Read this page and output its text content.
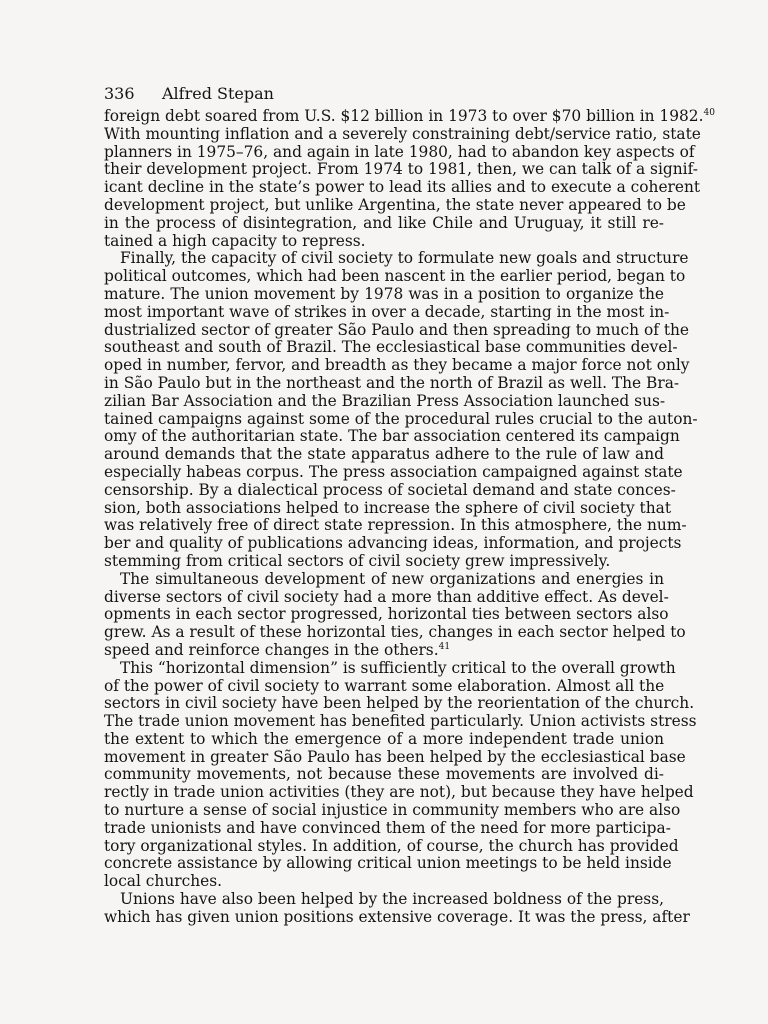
336 Alfred Stepan
foreign debt soared from U.S. $12 billion in 1973 to over $70 billion in 1982.40
With mounting inflation and a severely constraining debt/service ratio, state
planners in 1975–76, and again in late 1980, had to abandon key aspects of
their development project. From 1974 to 1981, then, we can talk of a signif-
icant decline in the state’s power to lead its allies and to execute a coherent
development project, but unlike Argentina, the state never appeared to be
in the process of disintegration, and like Chile and Uruguay, it still re-
tained a high capacity to repress.
Finally, the capacity of civil society to formulate new goals and structure
political outcomes, which had been nascent in the earlier period, began to
mature. The union movement by 1978 was in a position to organize the
most important wave of strikes in over a decade, starting in the most in-
dustrialized sector of greater São Paulo and then spreading to much of the
southeast and south of Brazil. The ecclesiastical base communities devel-
oped in number, fervor, and breadth as they became a major force not only
in São Paulo but in the northeast and the north of Brazil as well. The Bra-
zilian Bar Association and the Brazilian Press Association launched sus-
tained campaigns against some of the procedural rules crucial to the auton-
omy of the authoritarian state. The bar association centered its campaign
around demands that the state apparatus adhere to the rule of law and
especially habeas corpus. The press association campaigned against state
censorship. By a dialectical process of societal demand and state conces-
sion, both associations helped to increase the sphere of civil society that
was relatively free of direct state repression. In this atmosphere, the num-
ber and quality of publications advancing ideas, information, and projects
stemming from critical sectors of civil society grew impressively.
The simultaneous development of new organizations and energies in
diverse sectors of civil society had a more than additive effect. As devel-
opments in each sector progressed, horizontal ties between sectors also
grew. As a result of these horizontal ties, changes in each sector helped to
speed and reinforce changes in the others.$^{41}$
This “horizontal dimension” is sufficiently critical to the overall growth
of the power of civil society to warrant some elaboration. Almost all the
sectors in civil society have been helped by the reorientation of the church.
The trade union movement has benefited particularly. Union activists stress
the extent to which the emergence of a more independent trade union
movement in greater São Paulo has been helped by the ecclesiastical base
community movements, not because these movements are involved di-
rectly in trade union activities (they are not), but because they have helped
to nurture a sense of social injustice in community members who are also
trade unionists and have convinced them of the need for more participa-
tory organizational styles. In addition, of course, the church has provided
concrete assistance by allowing critical union meetings to be held inside
local churches.
Unions have also been helped by the increased boldness of the press,
which has given union positions extensive coverage. It was the press, after
